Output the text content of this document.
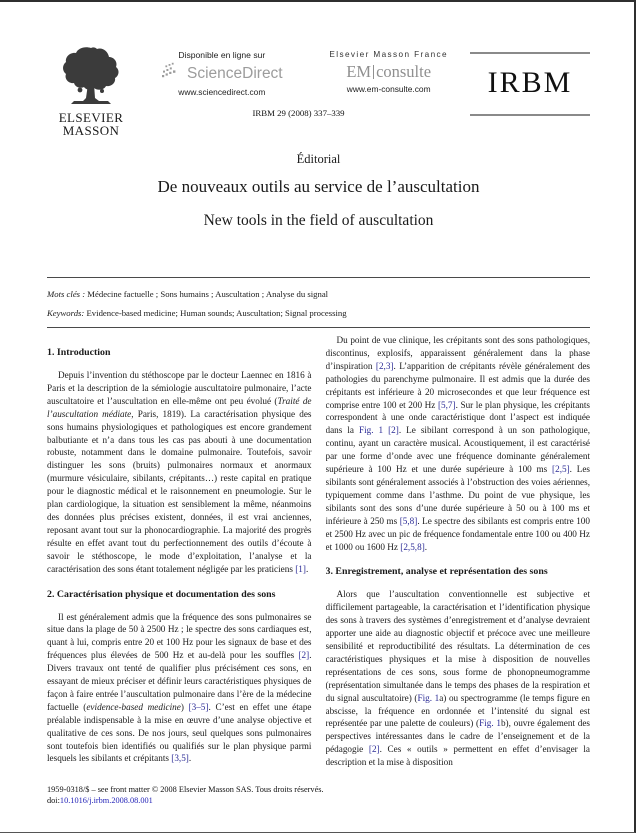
ELSEVIER
MASSON
Disponible en ligne sur
ScienceDirect
www.sciencedirect.com
Elsevier Masson France
EM consulte
www.em-consulte.com
IRBM 29 (2008) 337–339
IRBM
Éditorial
De nouveaux outils au service de l’auscultation
New tools in the field of auscultation
Mots clés : Médecine factuelle ; Sons humains ; Auscultation ; Analyse du signal
Keywords: Evidence-based medicine; Human sounds; Auscultation; Signal processing
1. Introduction

Depuis l’invention du stéthoscope par le docteur Laennec en 1816 à Paris et la description de la sémiologie auscultatoire pulmonaire, l’acte auscultatoire et l’auscultation en elle-même ont peu évolué (Traité de l’auscultation médiate, Paris, 1819). La caractérisation physique des sons humains physiologiques et pathologiques est encore grandement balbutiante et n’a dans tous les cas pas abouti à une documentation robuste, notamment dans le domaine pulmonaire. Toutefois, savoir distinguer les sons (bruits) pulmonaires normaux et anormaux (murmure vésiculaire, sibilants, crépitants…) reste capital en pratique pour le diagnostic médical et le raisonnement en pneumologie. Sur le plan cardiologique, la situation est sensiblement la même, néanmoins des données plus précises existent, données, il est vrai anciennes, reposant avant tout sur la phonocardiographie. La majorité des progrès résulte en effet avant tout du perfectionnement des outils d’écoute à savoir le stéthoscope, le mode d’exploitation, l’analyse et la caractérisation des sons étant totalement négligée par les praticiens [1].

2. Caractérisation physique et documentation des sons

Il est généralement admis que la fréquence des sons pulmonaires se situe dans la plage de 50 à 2500 Hz ; le spectre des sons cardiaques est, quant à lui, compris entre 20 et 100 Hz pour les signaux de base et des fréquences plus élevées de 500 Hz et au-delà pour les souffles [2]. Divers travaux ont tenté de qualifier plus précisément ces sons, en essayant de mieux préciser et définir leurs caractéristiques physiques de façon à faire entrée l’auscultation pulmonaire dans l’ère de la médecine factuelle (evidence-based medicine) [3–5]. C’est en effet une étape préalable indispensable à la mise en œuvre d’une analyse objective et qualitative de ces sons. De nos jours, seul quelques sons pulmonaires sont toutefois bien identifiés ou qualifiés sur le plan physique parmi lesquels les sibilants et crépitants [3,5].

Du point de vue clinique, les crépitants sont des sons pathologiques, discontinus, explosifs, apparaissent généralement dans la phase d’inspiration [2,3]. L’apparition de crépitants révèle généralement des pathologies du parenchyme pulmonaire. Il est admis que la durée des crépitants est inférieure à 20 microsecondes et que leur fréquence est comprise entre 100 et 200 Hz [5,7]. Sur le plan physique, les crépitants correspondent à une onde caractéristique dont l’aspect est indiquée dans la Fig. 1 [2]. Le sibilant correspond à un son pathologique, continu, ayant un caractère musical. Acoustiquement, il est caractérisé par une forme d’onde avec une fréquence dominante généralement supérieure à 100 Hz et une durée supérieure à 100 ms [2,5]. Les sibilants sont généralement associés à l’obstruction des voies aériennes, typiquement comme dans l’asthme. Du point de vue physique, les sibilants sont des sons d’une durée supérieure à 50 ou à 100 ms et inférieure à 250 ms [5,8]. Le spectre des sibilants est compris entre 100 et 2500 Hz avec un pic de fréquence fondamentale entre 100 ou 400 Hz et 1000 ou 1600 Hz [2,5,8].

3. Enregistrement, analyse et représentation des sons

Alors que l’auscultation conventionnelle est subjective et difficilement partageable, la caractérisation et l’identification physique des sons à travers des systèmes d’enregistrement et d’analyse devraient apporter une aide au diagnostic objectif et précoce avec une meilleure sensibilité et reproductibilité des résultats. La détermination de ces caractéristiques physiques et la mise à disposition de nouvelles représentations de ces sons, sous forme de phonopneumogramme (représentation simultanée dans le temps des phases de la respiration et du signal auscultatoire) (Fig. 1a) ou spectrogramme (le temps figure en abscisse, la fréquence en ordonnée et l’intensité du signal est représentée par une palette de couleurs) (Fig. 1b), ouvre également des perspectives intéressantes dans le cadre de l’enseignement et de la pédagogie [2]. Ces « outils » permettent en effet d’envisager la description et la mise à disposition

1959-0318/$ – see front matter © 2008 Elsevier Masson SAS. Tous droits réservés.
doi:10.1016/j.irbm.2008.08.001
